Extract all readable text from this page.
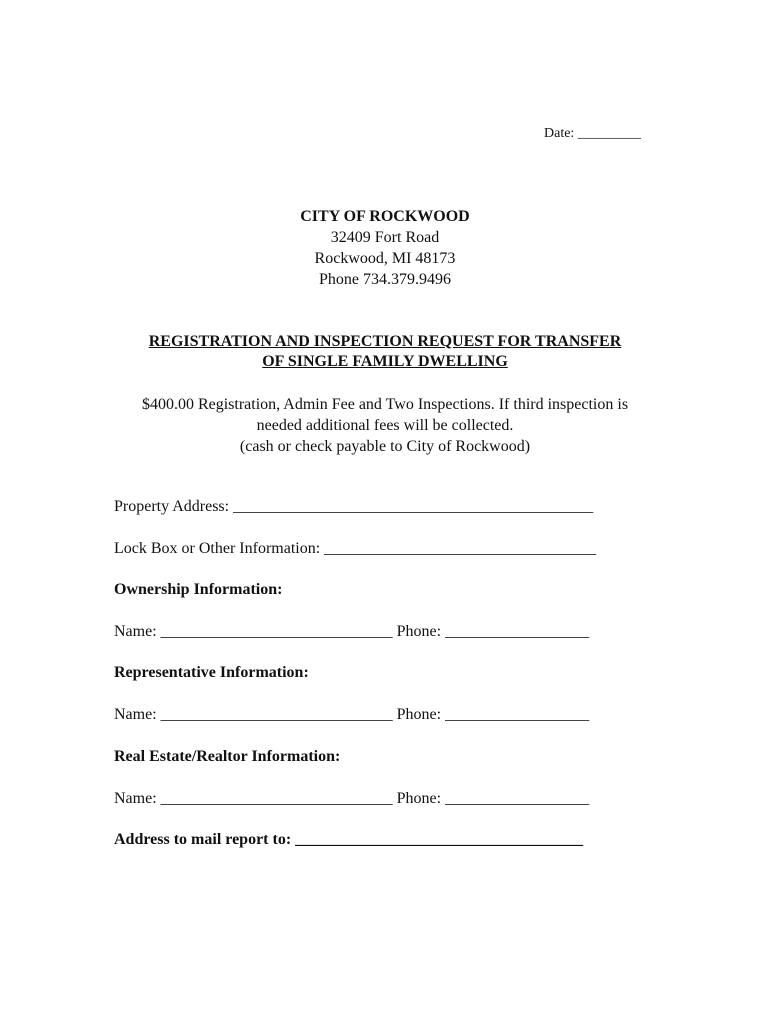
Date: _________
CITY OF ROCKWOOD
32409 Fort Road
Rockwood, MI 48173
Phone 734.379.9496
REGISTRATION AND INSPECTION REQUEST FOR TRANSFER
OF SINGLE FAMILY DWELLING
$400.00 Registration, Admin Fee and Two Inspections. If third inspection is
needed additional fees will be collected.
(cash or check payable to City of Rockwood)
Property Address: _____________________________________________
Lock Box or Other Information: __________________________________
Ownership Information:
Name: _____________________________ Phone: __________________
Representative Information:
Name: _____________________________ Phone: __________________
Real Estate/Realtor Information:
Name: _____________________________ Phone: __________________
Address to mail report to: ____________________________________
